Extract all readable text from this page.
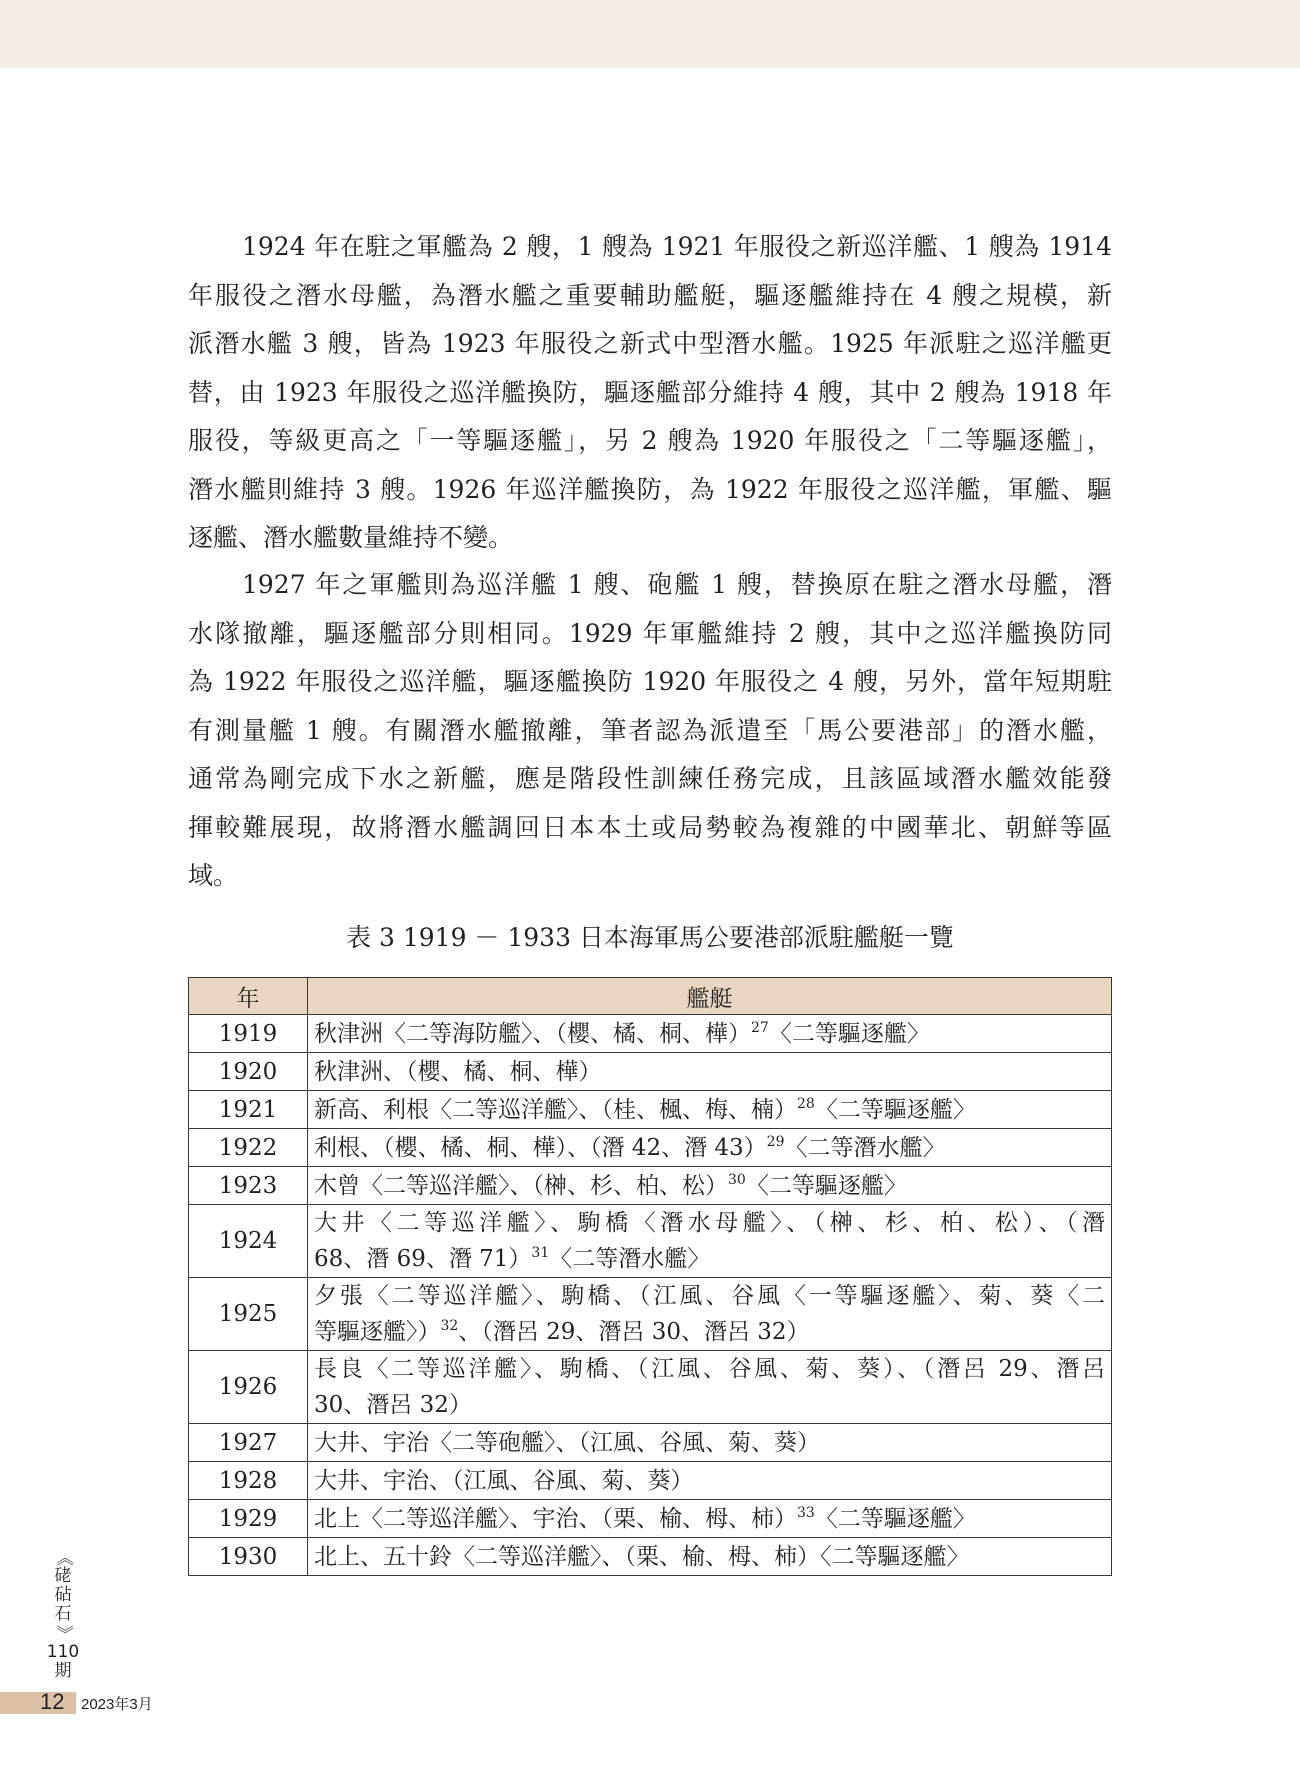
1924 年在駐之軍艦為 2 艘，1 艘為 1921 年服役之新巡洋艦、1 艘為 1914
年服役之潛水母艦，為潛水艦之重要輔助艦艇，驅逐艦維持在 4 艘之規模，新
派潛水艦 3 艘，皆為 1923 年服役之新式中型潛水艦。1925 年派駐之巡洋艦更
替，由 1923 年服役之巡洋艦換防，驅逐艦部分維持 4 艘，其中 2 艘為 1918 年
服役，等級更高之「一等驅逐艦」，另 2 艘為 1920 年服役之「二等驅逐艦」，
潛水艦則維持 3 艘。1926 年巡洋艦換防，為 1922 年服役之巡洋艦，軍艦、驅
逐艦、潛水艦數量維持不變。
1927 年之軍艦則為巡洋艦 1 艘、砲艦 1 艘，替換原在駐之潛水母艦，潛
水隊撤離，驅逐艦部分則相同。1929 年軍艦維持 2 艘，其中之巡洋艦換防同
為 1922 年服役之巡洋艦，驅逐艦換防 1920 年服役之 4 艘，另外，當年短期駐
有測量艦 1 艘。有關潛水艦撤離，筆者認為派遣至「馬公要港部」的潛水艦，
通常為剛完成下水之新艦，應是階段性訓練任務完成，且該區域潛水艦效能發
揮較難展現，故將潛水艦調回日本本土或局勢較為複雜的中國華北、朝鮮等區
域。
表 3 1919 － 1933 日本海軍馬公要港部派駐艦艇一覽
年	艦艇
1919	秋津洲〈二等海防艦〉、（櫻、橘、桐、樺）$^{27}$〈二等驅逐艦〉

1920	秋津洲、（櫻、橘、桐、樺）

1921	新高、利根〈二等巡洋艦〉、（桂、楓、梅、楠）$^{28}$〈二等驅逐艦〉

1922	利根、（櫻、橘、桐、樺）、（潛 42、潛 43）$^{29}$〈二等潛水艦〉

1923	木曾〈二等巡洋艦〉、（榊、杉、柏、松）$^{30}$〈二等驅逐艦〉

1924	大井〈二等巡洋艦〉、駒橋〈潛水母艦〉、（榊、杉、柏、松）、（潛
68、潛 69、潛 71）$^{31}$〈二等潛水艦〉

1925	夕張〈二等巡洋艦〉、駒橋、（江風、谷風〈一等驅逐艦〉、菊、葵〈二
等驅逐艦〉）$^{32}$、（潛呂 29、潛呂 30、潛呂 32）

1926	長良〈二等巡洋艦〉、駒橋、（江風、谷風、菊、葵）、（潛呂 29、潛呂
30、潛呂 32）

1927	大井、宇治〈二等砲艦〉、（江風、谷風、菊、葵）

1928	大井、宇治、（江風、谷風、菊、葵）

1929	北上〈二等巡洋艦〉、宇治、（栗、榆、栂、柿）$^{33}$〈二等驅逐艦〉

1930	北上、五十鈴〈二等巡洋艦〉、（栗、榆、栂、柿）〈二等驅逐艦〉
《
硓
砧
石
》
110
期
12 2023年3月
